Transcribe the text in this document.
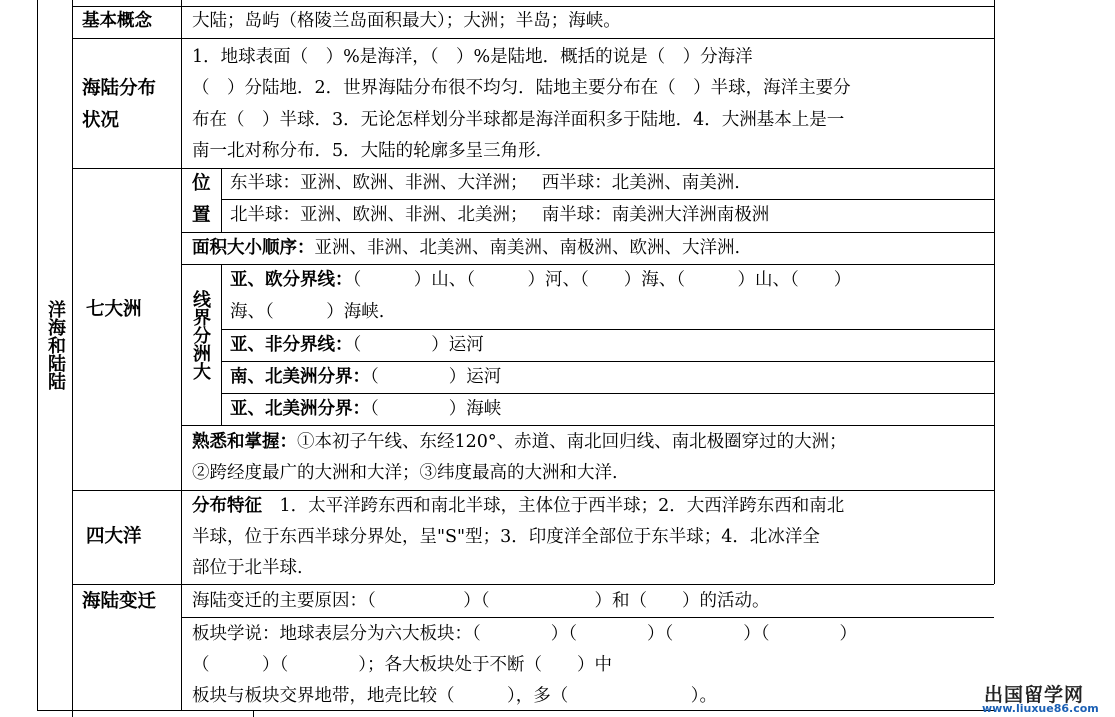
洋海和陆陆
基本概念 大陆；岛屿（格陵兰岛面积最大）；大洲；半岛；海峡。
海陆分布
状况
1．地球表面（　）%是海洋，（　）%是陆地．概括的说是（　）分海洋
（　）分陆地．2．世界海陆分布很不均匀．陆地主要分布在（　）半球，海洋主要分
布在（　）半球．3．无论怎样划分半球都是海洋面积多于陆地．4．大洲基本上是一
南一北对称分布．5．大陆的轮廓多呈三角形．
七大洲
位
置
东半球：亚洲、欧洲、非洲、大洋洲；　 西半球：北美洲、南美洲.
北半球：亚洲、欧洲、非洲、北美洲；　 南半球：南美洲大洋洲南极洲
面积大小顺序：亚洲、非洲、北美洲、南美洲、南极洲、欧洲、大洋洲.
线界分洲大
亚、欧分界线：（　　　）山、（　　　）河、（　　）海、（　　　）山、（　　）
海、（　　　）海峡.
亚、非分界线：（　　　　）运河
南、北美洲分界：（　　　　）运河
亚、北美洲分界：（　　　　）海峡
熟悉和掌握：①本初子午线、东经120°、赤道、南北回归线、南北极圈穿过的大洲；
②跨经度最广的大洲和大洋；③纬度最高的大洲和大洋.
四大洋
分布特征　1．太平洋跨东西和南北半球，主体位于西半球；2．大西洋跨东西和南北
半球，位于东西半球分界处，呈"S"型；3．印度洋全部位于东半球；4．北冰洋全
部位于北半球.
海陆变迁 海陆变迁的主要原因：（　　　　　）（　　　　　　）和（　　）的活动。
板块学说：地球表层分为六大板块：（　　　　）（　　　　）（　　　　）（　　　　）
（　　　）（　　　　）；各大板块处于不断（　　）中
板块与板块交界地带，地壳比较（　　　），多（　　　　　　　）。	出国留学网
www.liuxue86.com
